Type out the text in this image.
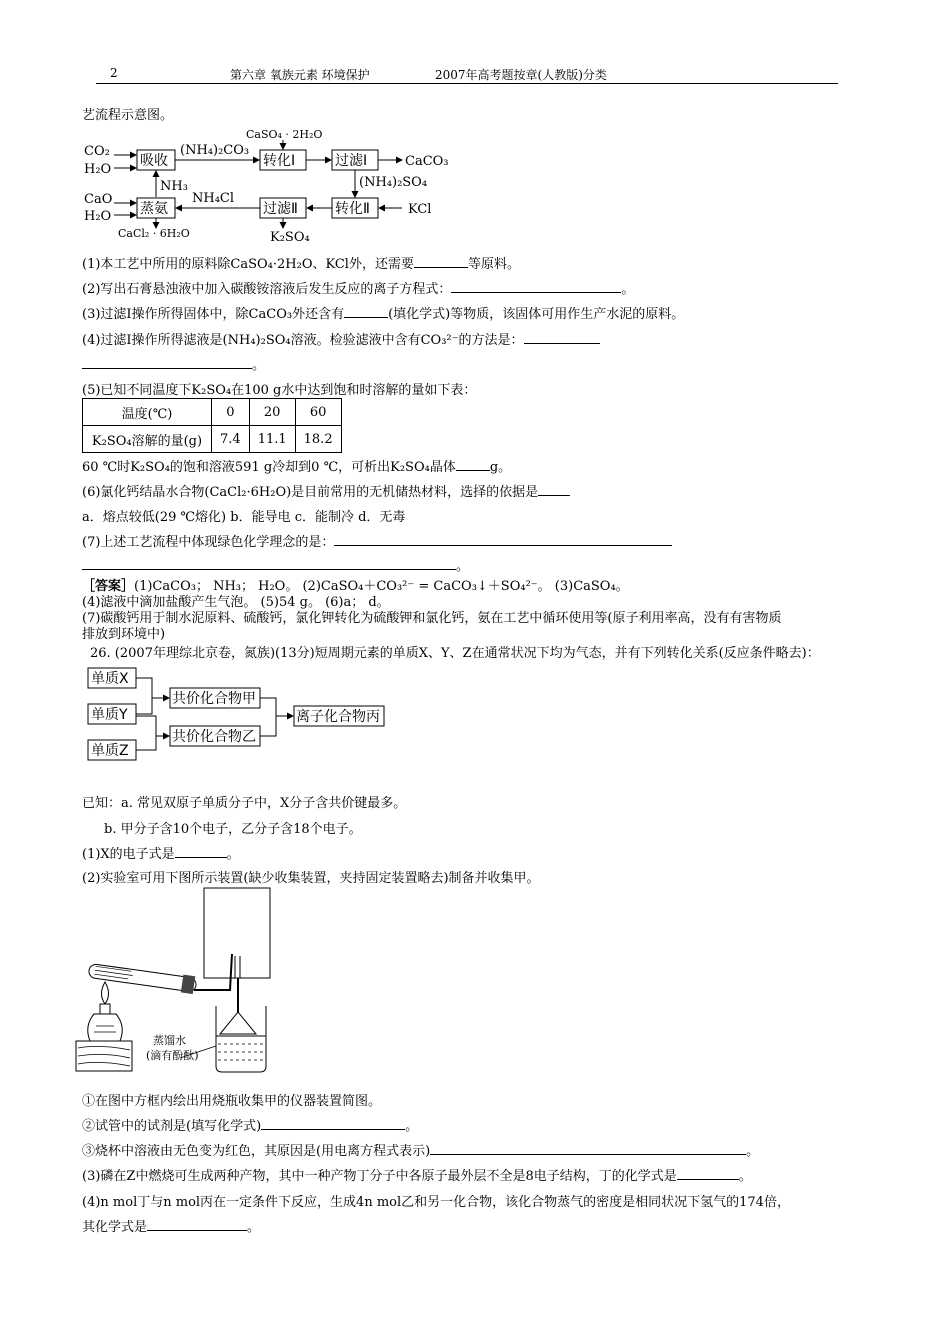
2	第六章 氧族元素 环境保护	2007年高考题按章(人教版)分类
艺流程示意图。
吸收	转化Ⅰ	过滤Ⅰ
蒸氨	过滤Ⅱ	转化Ⅱ
CO₂
H₂O
(NH₄)₂CO₃
CaSO₄ · 2H₂O
CaCO₃
(NH₄)₂SO₄
KCl
NH₄Cl
NH₃
CaO
H₂O
CaCl₂ · 6H₂O	K₂SO₄
(1)本工艺中所用的原料除CaSO₄·2H₂O、KCl外，还需要	等原料。
(2)写出石膏悬浊液中加入碳酸铵溶液后发生反应的离子方程式：	。
(3)过滤Ⅰ操作所得固体中，除CaCO₃外还含有	(填化学式)等物质，该固体可用作生产水泥的原料。
(4)过滤Ⅰ操作所得滤液是(NH₄)₂SO₄溶液。检验滤液中含有CO₃²⁻的方法是：
。
(5)已知不同温度下K₂SO₄在100 g水中达到饱和时溶解的量如下表：
温度(℃)	0	20	60
K₂SO₄溶解的量(g)	7.4	11.1	18.2
60 ℃时K₂SO₄的饱和溶液591 g冷却到0 ℃，可析出K₂SO₄晶体	g。
(6)氯化钙结晶水合物(CaCl₂·6H₂O)是目前常用的无机储热材料，选择的依据是
a．熔点较低(29 ℃熔化) b．能导电 c．能制冷 d．无毒
(7)上述工艺流程中体现绿色化学理念的是：
。
［答案］(1)CaCO₃； NH₃； H₂O。 (2)CaSO₄＋CO₃²⁻ = CaCO₃↓＋SO₄²⁻。 (3)CaSO₄。
(4)滤液中滴加盐酸产生气泡。 (5)54 g。 (6)a； d。
(7)碳酸钙用于制水泥原料、硫酸钙，氯化钾转化为硫酸钾和氯化钙，氨在工艺中循环使用等(原子利用率高，没有有害物质
排放到环境中)
26. (2007年理综北京卷，氮族)(13分)短周期元素的单质X、Y、Z在通常状况下均为气态，并有下列转化关系(反应条件略去)：
单质X
单质Y
单质Z
共价化合物甲
共价化合物乙
离子化合物丙
已知：a. 常见双原子单质分子中，X分子含共价键最多。
b. 甲分子含10个电子，乙分子含18个电子。
(1)X的电子式是	。
(2)实验室可用下图所示装置(缺少收集装置，夹持固定装置略去)制备并收集甲。
蒸馏水
(滴有酚酞)
①在图中方框内绘出用烧瓶收集甲的仪器装置简图。
②试管中的试剂是(填写化学式)	。
③烧杯中溶液由无色变为红色，其原因是(用电离方程式表示)	。
(3)磷在Z中燃烧可生成两种产物，其中一种产物丁分子中各原子最外层不全是8电子结构，丁的化学式是	。
(4)n mol丁与n mol丙在一定条件下反应，生成4n mol乙和另一化合物，该化合物蒸气的密度是相同状况下氢气的174倍，
其化学式是	。
